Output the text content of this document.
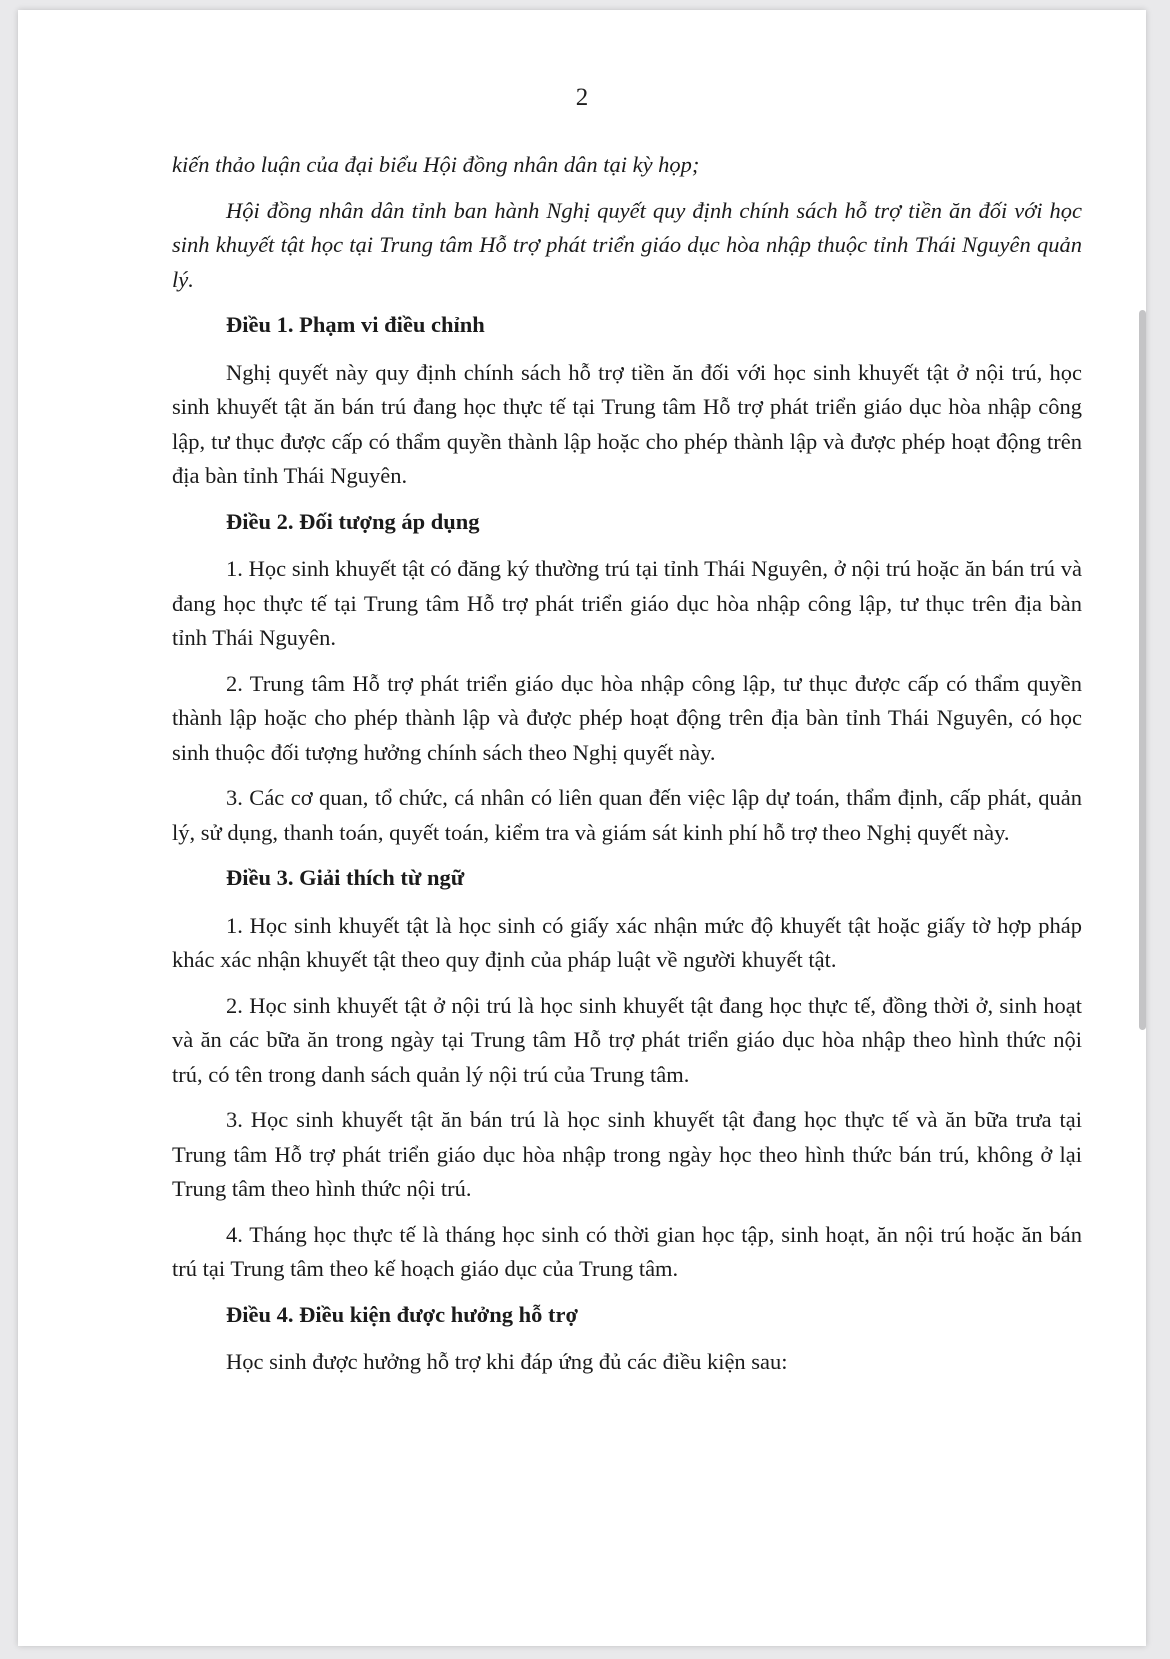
2

kiến thảo luận của đại biểu Hội đồng nhân dân tại kỳ họp;

Hội đồng nhân dân tỉnh ban hành Nghị quyết quy định chính sách hỗ trợ tiền ăn đối với học sinh khuyết tật học tại Trung tâm Hỗ trợ phát triển giáo dục hòa nhập thuộc tỉnh Thái Nguyên quản lý.

Điều 1. Phạm vi điều chỉnh

Nghị quyết này quy định chính sách hỗ trợ tiền ăn đối với học sinh khuyết tật ở nội trú, học sinh khuyết tật ăn bán trú đang học thực tế tại Trung tâm Hỗ trợ phát triển giáo dục hòa nhập công lập, tư thục được cấp có thẩm quyền thành lập hoặc cho phép thành lập và được phép hoạt động trên địa bàn tỉnh Thái Nguyên.

Điều 2. Đối tượng áp dụng

1. Học sinh khuyết tật có đăng ký thường trú tại tỉnh Thái Nguyên, ở nội trú hoặc ăn bán trú và đang học thực tế tại Trung tâm Hỗ trợ phát triển giáo dục hòa nhập công lập, tư thục trên địa bàn tỉnh Thái Nguyên.

2. Trung tâm Hỗ trợ phát triển giáo dục hòa nhập công lập, tư thục được cấp có thẩm quyền thành lập hoặc cho phép thành lập và được phép hoạt động trên địa bàn tỉnh Thái Nguyên, có học sinh thuộc đối tượng hưởng chính sách theo Nghị quyết này.

3. Các cơ quan, tổ chức, cá nhân có liên quan đến việc lập dự toán, thẩm định, cấp phát, quản lý, sử dụng, thanh toán, quyết toán, kiểm tra và giám sát kinh phí hỗ trợ theo Nghị quyết này.

Điều 3. Giải thích từ ngữ

1. Học sinh khuyết tật là học sinh có giấy xác nhận mức độ khuyết tật hoặc giấy tờ hợp pháp khác xác nhận khuyết tật theo quy định của pháp luật về người khuyết tật.

2. Học sinh khuyết tật ở nội trú là học sinh khuyết tật đang học thực tế, đồng thời ở, sinh hoạt và ăn các bữa ăn trong ngày tại Trung tâm Hỗ trợ phát triển giáo dục hòa nhập theo hình thức nội trú, có tên trong danh sách quản lý nội trú của Trung tâm.

3. Học sinh khuyết tật ăn bán trú là học sinh khuyết tật đang học thực tế và ăn bữa trưa tại Trung tâm Hỗ trợ phát triển giáo dục hòa nhập trong ngày học theo hình thức bán trú, không ở lại Trung tâm theo hình thức nội trú.

4. Tháng học thực tế là tháng học sinh có thời gian học tập, sinh hoạt, ăn nội trú hoặc ăn bán trú tại Trung tâm theo kế hoạch giáo dục của Trung tâm.

Điều 4. Điều kiện được hưởng hỗ trợ

Học sinh được hưởng hỗ trợ khi đáp ứng đủ các điều kiện sau:
